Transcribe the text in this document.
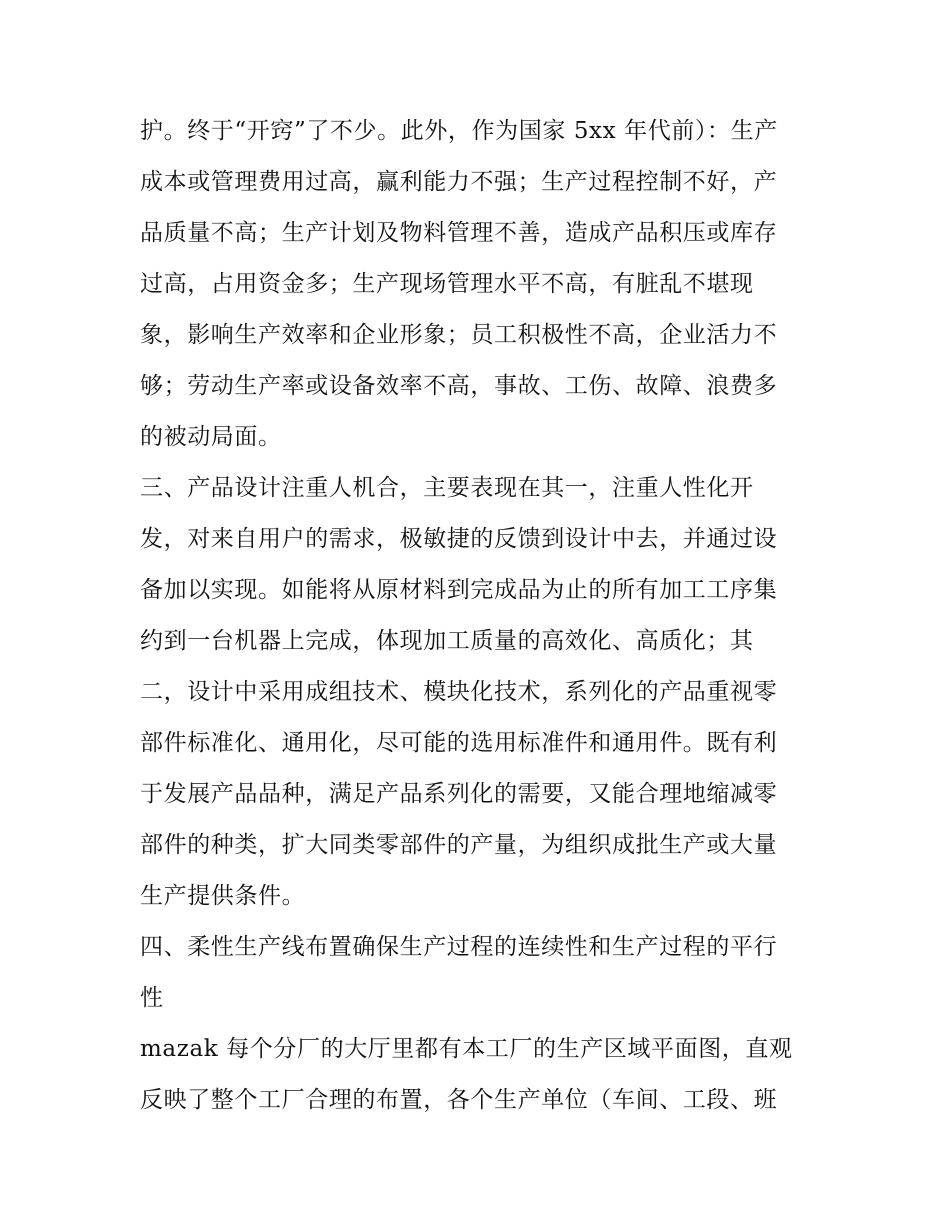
护。终于“开窍”了不少。此外，作为国家 5xx 年代前）：生产
成本或管理费用过高，赢利能力不强；生产过程控制不好，产
品质量不高；生产计划及物料管理不善，造成产品积压或库存
过高，占用资金多；生产现场管理水平不高，有脏乱不堪现
象，影响生产效率和企业形象；员工积极性不高，企业活力不
够；劳动生产率或设备效率不高，事故、工伤、故障、浪费多
的被动局面。
三、产品设计注重人机合，主要表现在其一，注重人性化开
发，对来自用户的需求，极敏捷的反馈到设计中去，并通过设
备加以实现。如能将从原材料到完成品为止的所有加工工序集
约到一台机器上完成，体现加工质量的高效化、高质化；其
二，设计中采用成组技术、模块化技术，系列化的产品重视零
部件标准化、通用化，尽可能的选用标准件和通用件。既有利
于发展产品品种，满足产品系列化的需要，又能合理地缩减零
部件的种类，扩大同类零部件的产量，为组织成批生产或大量
生产提供条件。
四、柔性生产线布置确保生产过程的连续性和生产过程的平行
性
mazak 每个分厂的大厅里都有本工厂的生产区域平面图，直观
反映了整个工厂合理的布置，各个生产单位（车间、工段、班
